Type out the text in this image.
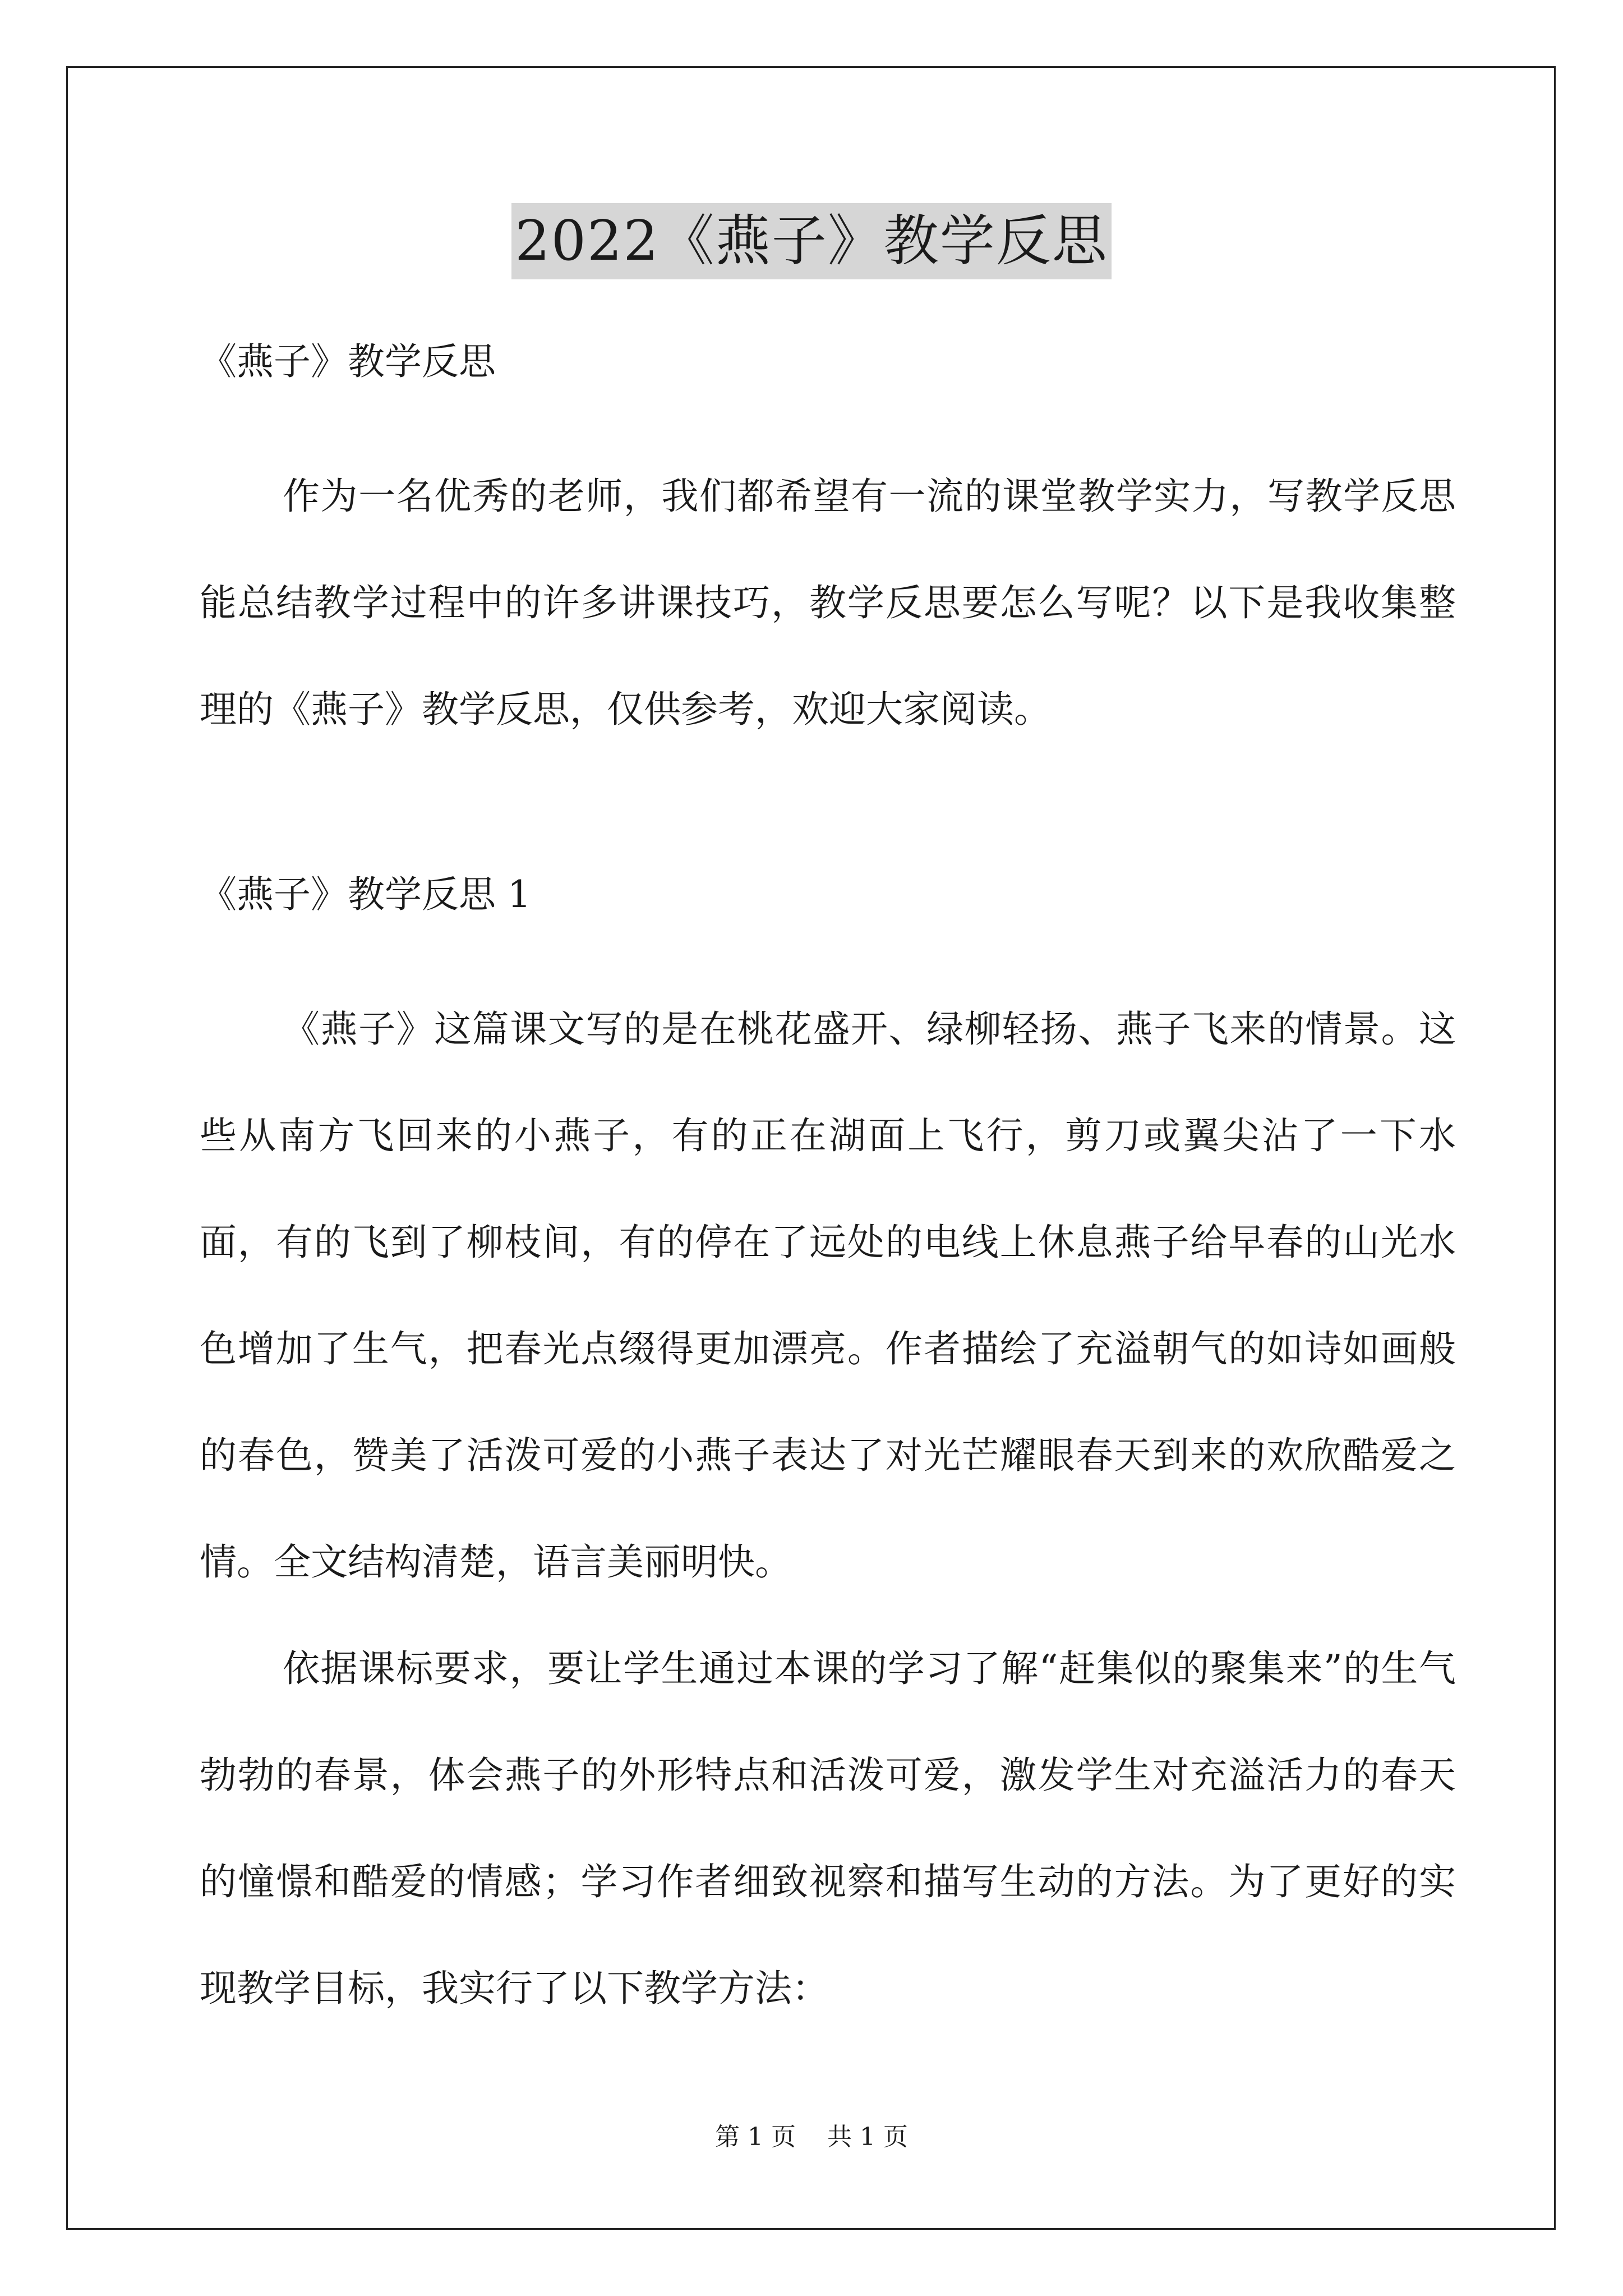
2022《燕子》教学反思

《燕子》教学反思

作为一名优秀的老师，我们都希望有一流的课堂教学实力，写教学反思能总结教学过程中的许多讲课技巧，教学反思要怎么写呢？以下是我收集整理的《燕子》教学反思，仅供参考，欢迎大家阅读。

《燕子》教学反思 1

《燕子》这篇课文写的是在桃花盛开、绿柳轻扬、燕子飞来的情景。这些从南方飞回来的小燕子，有的正在湖面上飞行，剪刀或翼尖沾了一下水面，有的飞到了柳枝间，有的停在了远处的电线上休息燕子给早春的山光水色增加了生气，把春光点缀得更加漂亮。作者描绘了充溢朝气的如诗如画般的春色，赞美了活泼可爱的小燕子表达了对光芒耀眼春天到来的欢欣酷爱之情。全文结构清楚，语言美丽明快。

依据课标要求，要让学生通过本课的学习了解“赶集似的聚集来”的生气勃勃的春景，体会燕子的外形特点和活泼可爱，激发学生对充溢活力的春天的憧憬和酷爱的情感；学习作者细致视察和描写生动的方法。为了更好的实现教学目标，我实行了以下教学方法：

第 1 页    共 1 页
